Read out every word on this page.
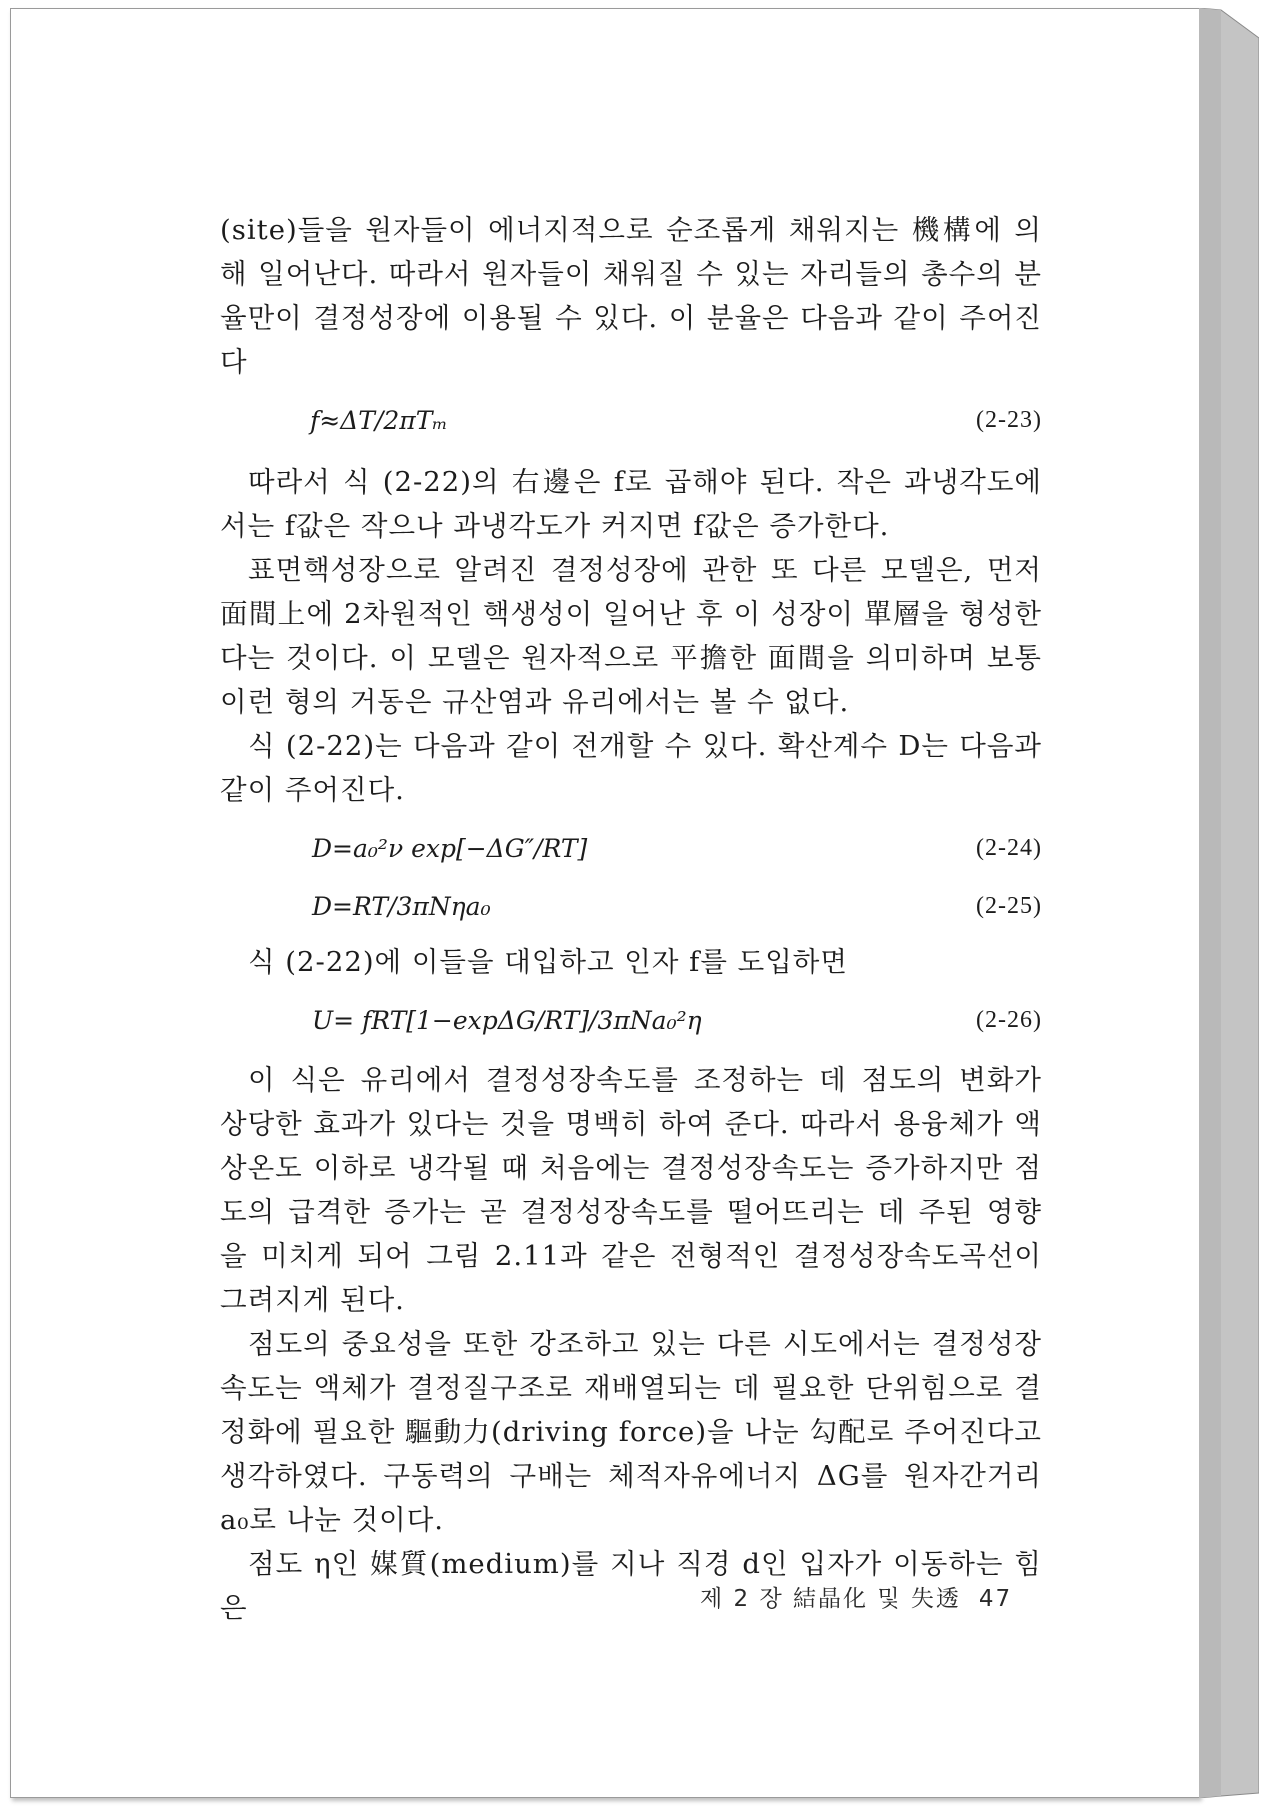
(site)들을 원자들이 에너지적으로 순조롭게 채워지는 機構에 의해 일어난다. 따라서 원자들이 채워질 수 있는 자리들의 총수의 분율만이 결정성장에 이용될 수 있다. 이 분율은 다음과 같이 주어진다

f≈ΔT/2πTₘ	(2-23)

따라서 식 (2-22)의 右邊은 f로 곱해야 된다. 작은 과냉각도에서는 f값은 작으나 과냉각도가 커지면 f값은 증가한다.

표면핵성장으로 알려진 결정성장에 관한 또 다른 모델은, 먼저 面間上에 2차원적인 핵생성이 일어난 후 이 성장이 單層을 형성한다는 것이다. 이 모델은 원자적으로 平擔한 面間을 의미하며 보통 이런 형의 거동은 규산염과 유리에서는 볼 수 없다.

식 (2-22)는 다음과 같이 전개할 수 있다. 확산계수 D는 다음과 같이 주어진다.

D=a₀²ν exp[−ΔG″/RT]	(2-24)
D=RT/3πNηa₀	(2-25)

식 (2-22)에 이들을 대입하고 인자 f를 도입하면

U= fRT[1−expΔG/RT]/3πNa₀²η	(2-26)

이 식은 유리에서 결정성장속도를 조정하는 데 점도의 변화가 상당한 효과가 있다는 것을 명백히 하여 준다. 따라서 용융체가 액상온도 이하로 냉각될 때 처음에는 결정성장속도는 증가하지만 점도의 급격한 증가는 곧 결정성장속도를 떨어뜨리는 데 주된 영향을 미치게 되어 그림 2.11과 같은 전형적인 결정성장속도곡선이 그려지게 된다.

점도의 중요성을 또한 강조하고 있는 다른 시도에서는 결정성장속도는 액체가 결정질구조로 재배열되는 데 필요한 단위힘으로 결정화에 필요한 驅動力(driving force)을 나눈 勾配로 주어진다고 생각하였다. 구동력의 구배는 체적자유에너지 ΔG를 원자간거리 a₀로 나눈 것이다.

점도 η인 媒質(medium)를 지나 직경 d인 입자가 이동하는 힘은	제 2 장 結晶化 및 失透 47
